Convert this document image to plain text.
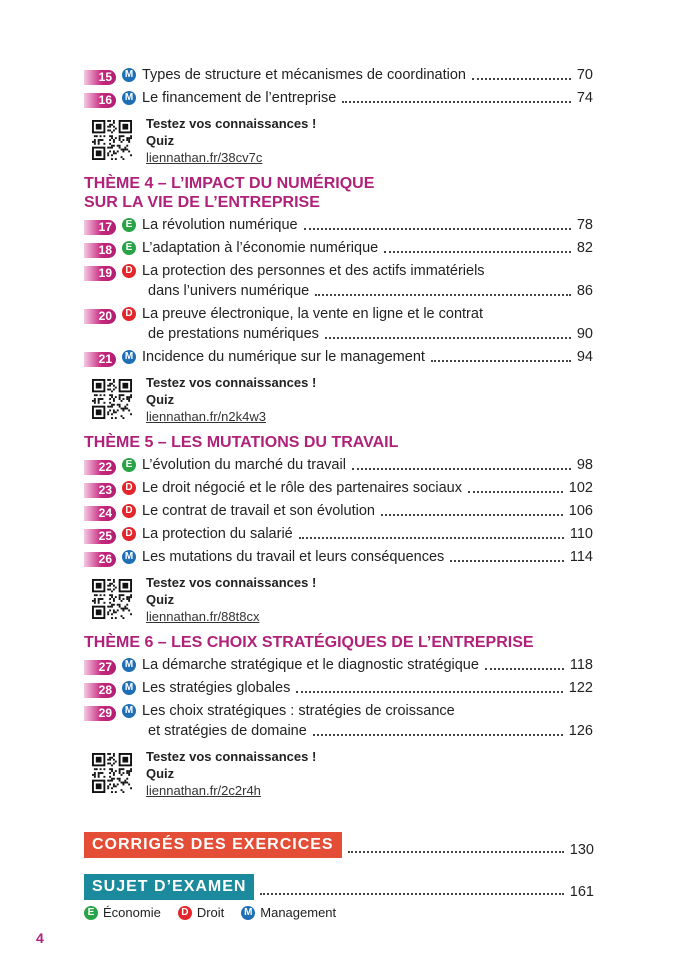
15	M Types de structure et mécanismes de coordination	70
16	M Le financement de l’entreprise	74
Testez vos connaissances !
Quiz
liennathan.fr/38cv7c
THÈME 4 – L’IMPACT DU NUMÉRIQUE
SUR LA VIE DE L’ENTREPRISE
17	E La révolution numérique	78
18	E L’adaptation à l’économie numérique	82
19	D La protection des personnes et des actifs immatériels
dans l’univers numérique	86
20	D La preuve électronique, la vente en ligne et le contrat
de prestations numériques	90
21	M Incidence du numérique sur le management	94
Testez vos connaissances !
Quiz
liennathan.fr/n2k4w3
THÈME 5 – LES MUTATIONS DU TRAVAIL
22	E L’évolution du marché du travail	98
23	D Le droit négocié et le rôle des partenaires sociaux	102
24	D Le contrat de travail et son évolution	106
25	D La protection du salarié	110
26	M Les mutations du travail et leurs conséquences	114
Testez vos connaissances !
Quiz
liennathan.fr/88t8cx
THÈME 6 – LES CHOIX STRATÉGIQUES DE L’ENTREPRISE
27	M La démarche stratégique et le diagnostic stratégique	118
28	M Les stratégies globales	122
29	M Les choix stratégiques : stratégies de croissance
et stratégies de domaine	126
Testez vos connaissances !
Quiz
liennathan.fr/2c2r4h
CORRIGÉS DES EXERCICES	130
SUJET D’EXAMEN	161
E Économie	D Droit M Management
4
